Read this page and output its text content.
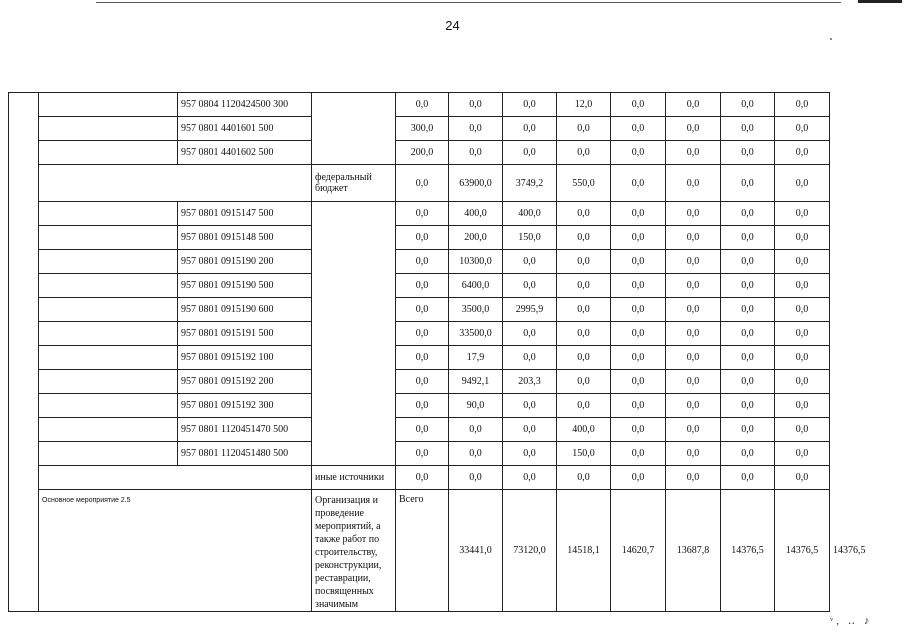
24
ᵛ, ‥ ♪
		957 0804 1120424500 300		0,0	0,0	0,0	12,0	0,0	0,0	0,0	0,0	
		957 0801 4401601 500		300,0	0,0	0,0	0,0	0,0	0,0	0,0	0,0	
		957 0801 4401602 500		200,0	0,0	0,0	0,0	0,0	0,0	0,0	0,0	
			федеральный бюджет	0,0	63900,0	3749,2	550,0	0,0	0,0	0,0	0,0	
		957 0801 0915147 500		0,0	400,0	400,0	0,0	0,0	0,0	0,0	0,0	
		957 0801 0915148 500		0,0	200,0	150,0	0,0	0,0	0,0	0,0	0,0	
		957 0801 0915190 200		0,0	10300,0	0,0	0,0	0,0	0,0	0,0	0,0	
		957 0801 0915190 500		0,0	6400,0	0,0	0,0	0,0	0,0	0,0	0,0	
		957 0801 0915190 600		0,0	3500,0	2995,9	0,0	0,0	0,0	0,0	0,0	
		957 0801 0915191 500		0,0	33500,0	0,0	0,0	0,0	0,0	0,0	0,0	
		957 0801 0915192 100		0,0	17,9	0,0	0,0	0,0	0,0	0,0	0,0	
		957 0801 0915192 200		0,0	9492,1	203,3	0,0	0,0	0,0	0,0	0,0	
		957 0801 0915192 300		0,0	90,0	0,0	0,0	0,0	0,0	0,0	0,0	
		957 0801 1120451470 500		0,0	0,0	0,0	400,0	0,0	0,0	0,0	0,0	
		957 0801 1120451480 500		0,0	0,0	0,0	150,0	0,0	0,0	0,0	0,0	
			иные источники	0,0	0,0	0,0	0,0	0,0	0,0	0,0	0,0	
	Основное мероприятие 2.5		Организация и проведение мероприятий, а также работ по строительству, реконструкции, реставрации, посвященных значимым	Всего	33441,0	73120,0	14518,1	14620,7	13687,8	14376,5	14376,5	14376,5
